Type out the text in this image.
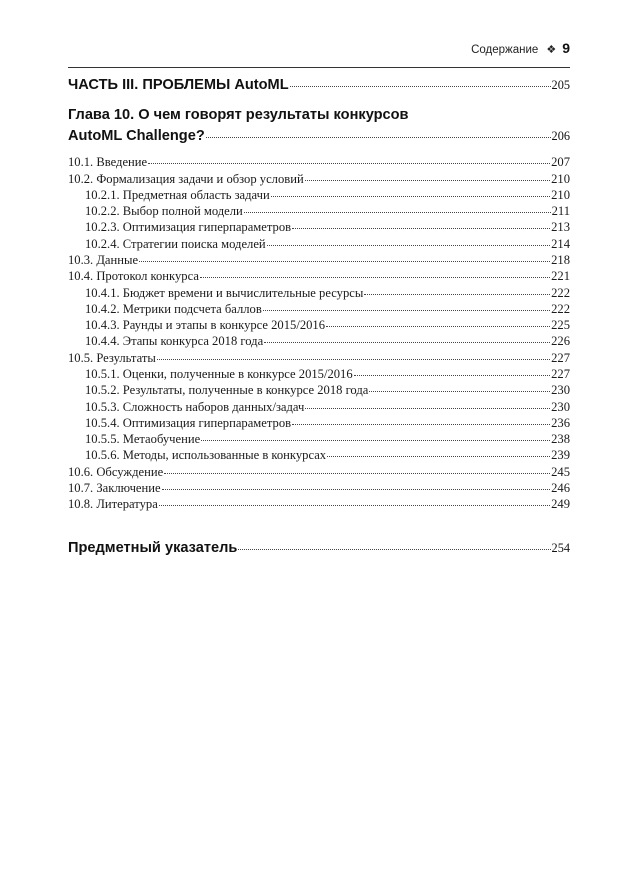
Содержание ❖ 9
ЧАСТЬ III. ПРОБЛЕМЫ AutoML	205
Глава 10. О чем говорят результаты конкурсов
AutoML Challenge?	206
10.1. Введение	207
10.2. Формализация задачи и обзор условий	210
10.2.1. Предметная область задачи	210
10.2.2. Выбор полной модели	211
10.2.3. Оптимизация гиперпараметров	213
10.2.4. Стратегии поиска моделей	214
10.3. Данные	218
10.4. Протокол конкурса	221
10.4.1. Бюджет времени и вычислительные ресурсы	222
10.4.2. Метрики подсчета баллов	222
10.4.3. Раунды и этапы в конкурсе 2015/2016	225
10.4.4. Этапы конкурса 2018 года	226
10.5. Результаты	227
10.5.1. Оценки, полученные в конкурсе 2015/2016	227
10.5.2. Результаты, полученные в конкурсе 2018 года	230
10.5.3. Сложность наборов данных/задач	230
10.5.4. Оптимизация гиперпараметров	236
10.5.5. Метаобучение	238
10.5.6. Методы, использованные в конкурсах	239
10.6. Обсуждение	245
10.7. Заключение	246
10.8. Литература	249
Предметный указатель	254
